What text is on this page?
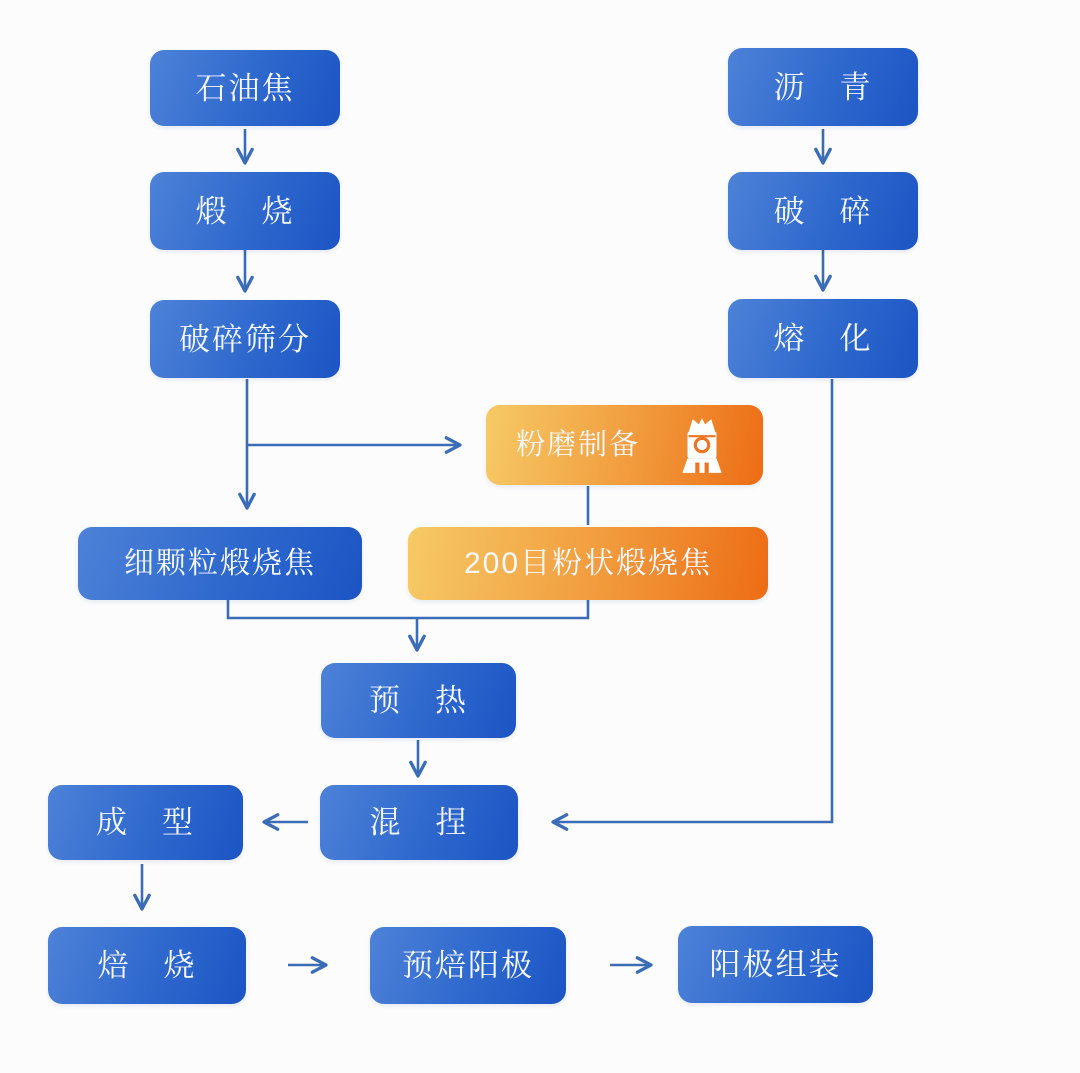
石油焦
煅　烧
破碎筛分
沥　青
破　碎
熔　化
粉磨制备
细颗粒煅烧焦	200目粉状煅烧焦
预　热
混　捏
成　型
焙　烧	预焙阳极	阳极组装
